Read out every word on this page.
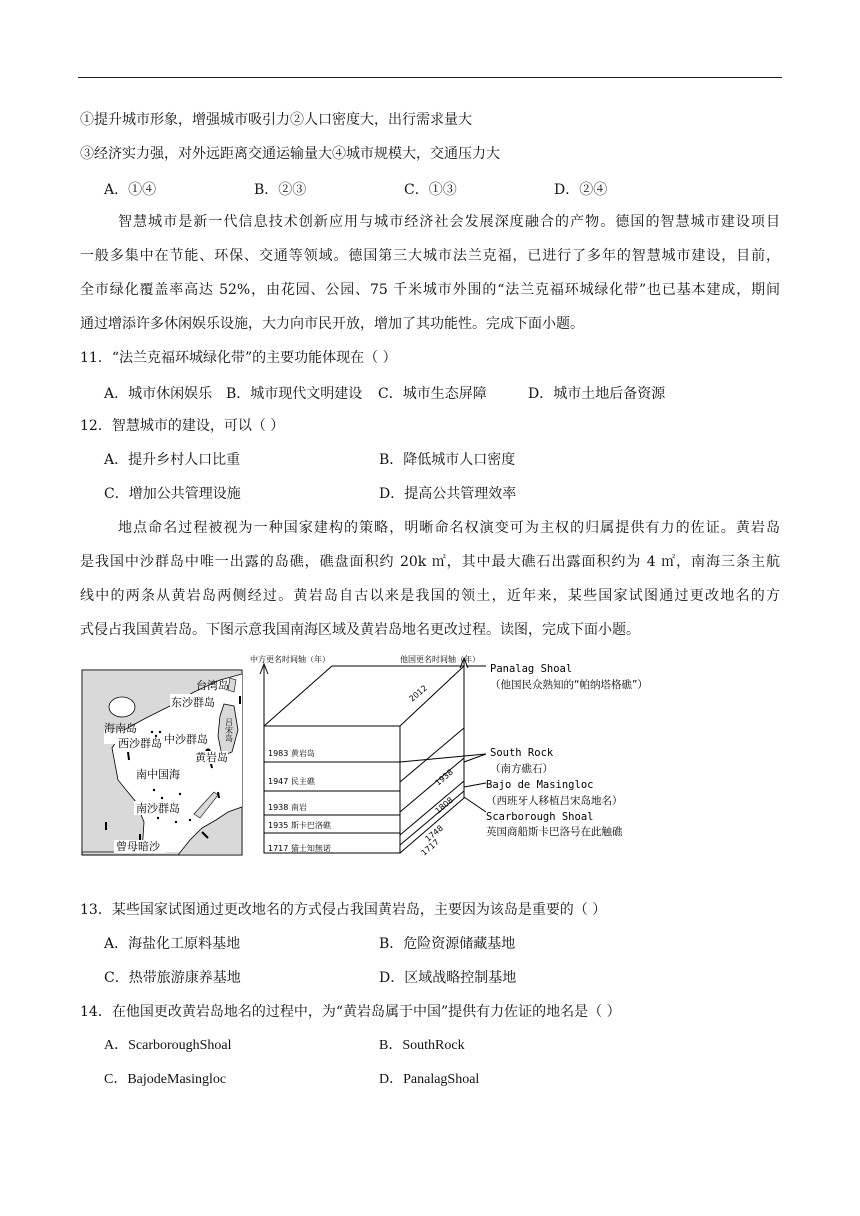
①提升城市形象，增强城市吸引力②人口密度大，出行需求量大
③经济实力强，对外远距离交通运输量大④城市规模大，交通压力大
A．①④	B．②③	C．①③	D．②④
智慧城市是新一代信息技术创新应用与城市经济社会发展深度融合的产物。德国的智慧城市建设项目
一般多集中在节能、环保、交通等领域。德国第三大城市法兰克福，已进行了多年的智慧城市建设，目前，
全市绿化覆盖率高达 52%，由花园、公园、75 千米城市外围的“法兰克福环城绿化带”也已基本建成，期间
通过增添许多休闲娱乐设施，大力向市民开放，增加了其功能性。完成下面小题。
11．“法兰克福环城绿化带”的主要功能体现在（ ）
A．城市休闲娱乐 B．城市现代文明建设	C．城市生态屏障	D．城市土地后备资源
12．智慧城市的建设，可以（ ）
A．提升乡村人口比重	B．降低城市人口密度
C．增加公共管理设施	D．提高公共管理效率
地点命名过程被视为一种国家建构的策略，明晰命名权演变可为主权的归属提供有力的佐证。黄岩岛
是我国中沙群岛中唯一出露的岛礁，礁盘面积约 20k ㎡，其中最大礁石出露面积约为 4 ㎡，南海三条主航
线中的两条从黄岩岛两侧经过。黄岩岛自古以来是我国的领土，近年来，某些国家试图通过更改地名的方
式侵占我国黄岩岛。下图示意我国南海区域及黄岩岛地名更改过程。读图，完成下面小题。
台湾岛
东沙群岛
海南岛
西沙群岛 中沙群岛
黄岩岛
南中国海
南沙群岛
曾母暗沙
吕宋岛
中方更名时间轴（年）	他国更名时间轴（年）
1983 黄岩岛
1947 民主礁
1938 南岩
1935 斯卡巴洛礁
1717 猫士知無诺
2012
1938
1808
1748
1717
Panalag Shoal
（他国民众熟知的“帕纳塔格礁”）
South Rock
（南方礁石）
Bajo de Masingloc
（西班牙人移植吕宋岛地名）
Scarborough Shoal
英国商船斯卡巴洛号在此触礁
13．某些国家试图通过更改地名的方式侵占我国黄岩岛，主要因为该岛是重要的（ ）
A．海盐化工原料基地	B．危险资源储藏基地
C．热带旅游康养基地	D．区域战略控制基地
14．在他国更改黄岩岛地名的过程中，为“黄岩岛属于中国”提供有力佐证的地名是（ ）
A．ScarboroughShoal	B．SouthRock
C．BajodeMasingloc	D．PanalagShoal
